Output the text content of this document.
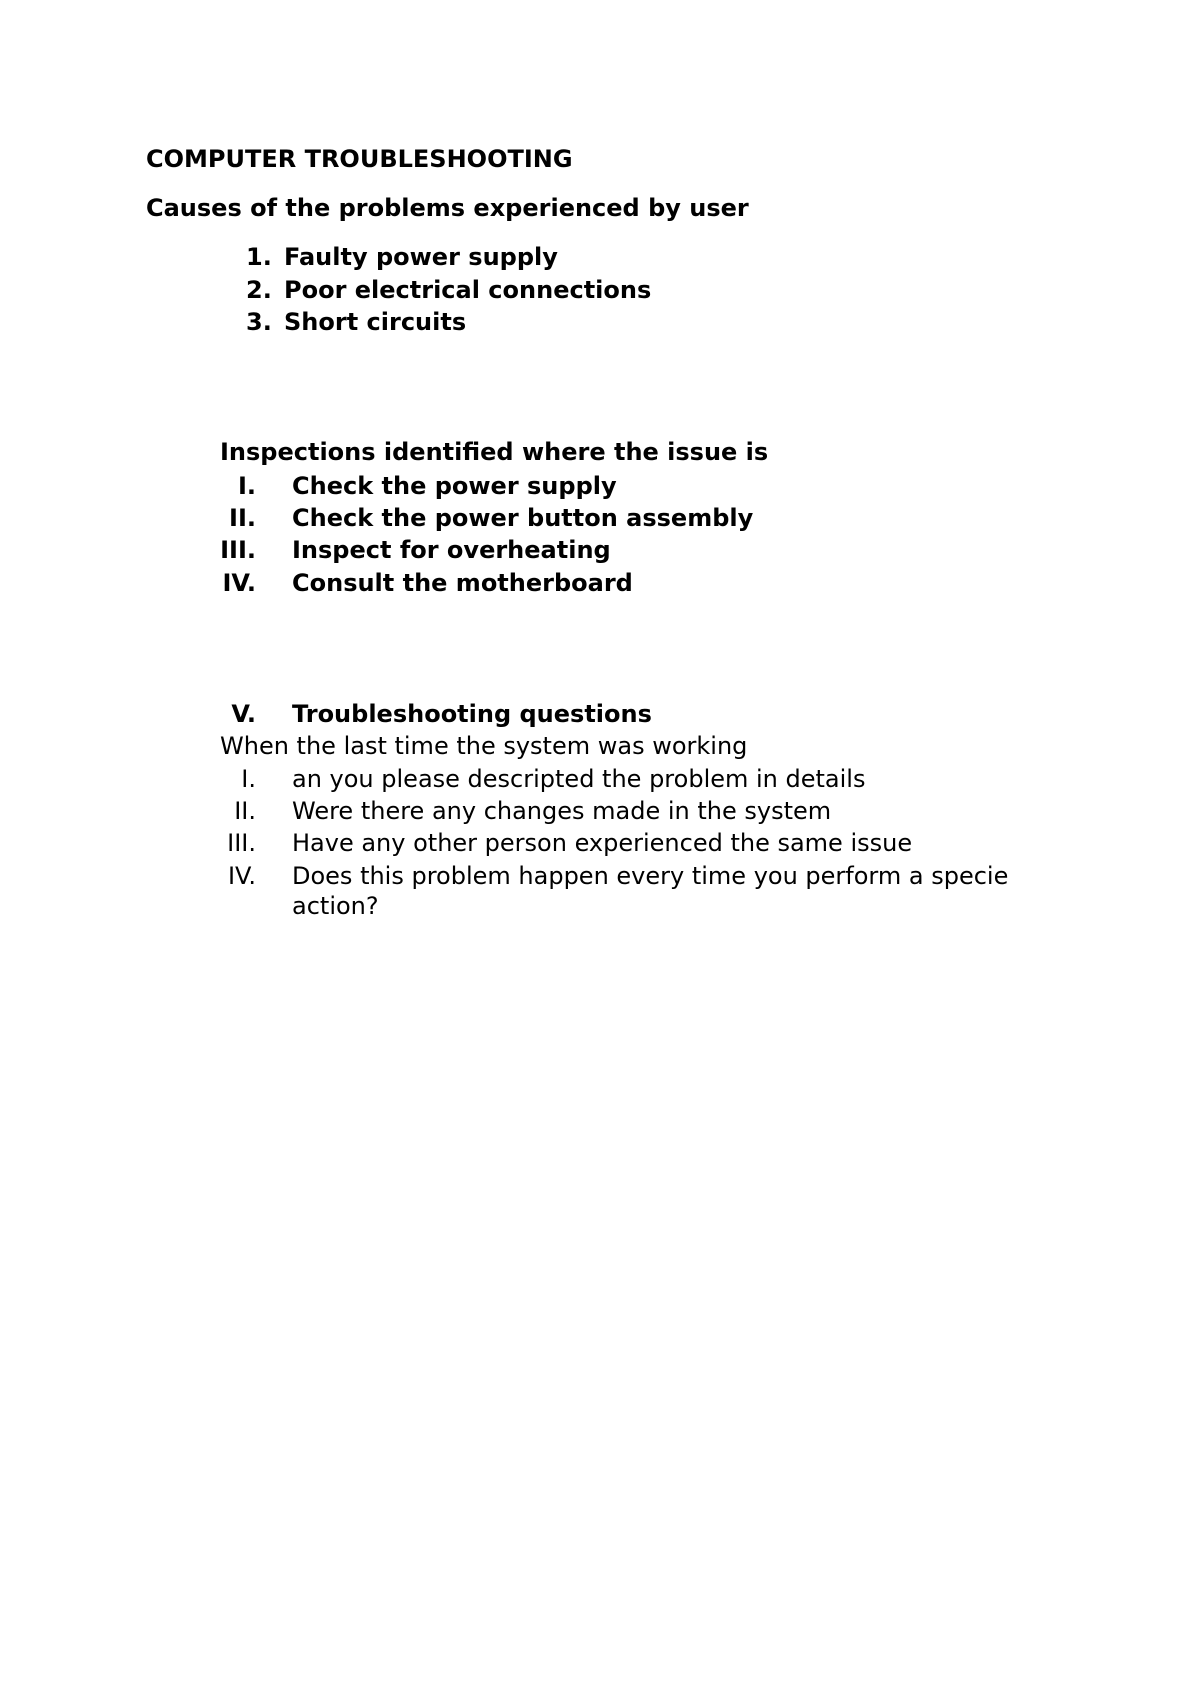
COMPUTER TROUBLESHOOTING
Causes of the problems experienced by user
1. Faulty power supply
2. Poor electrical connections
3. Short circuits
Inspections identified where the issue is
I. Check the power supply
II. Check the power button assembly
III. Inspect for overheating
IV. Consult the motherboard
V. Troubleshooting questions
When the last time the system was working
I. an you please descripted the problem in details
II. Were there any changes made in the system
III. Have any other person experienced the same issue
IV. Does this problem happen every time you perform a specie action?
